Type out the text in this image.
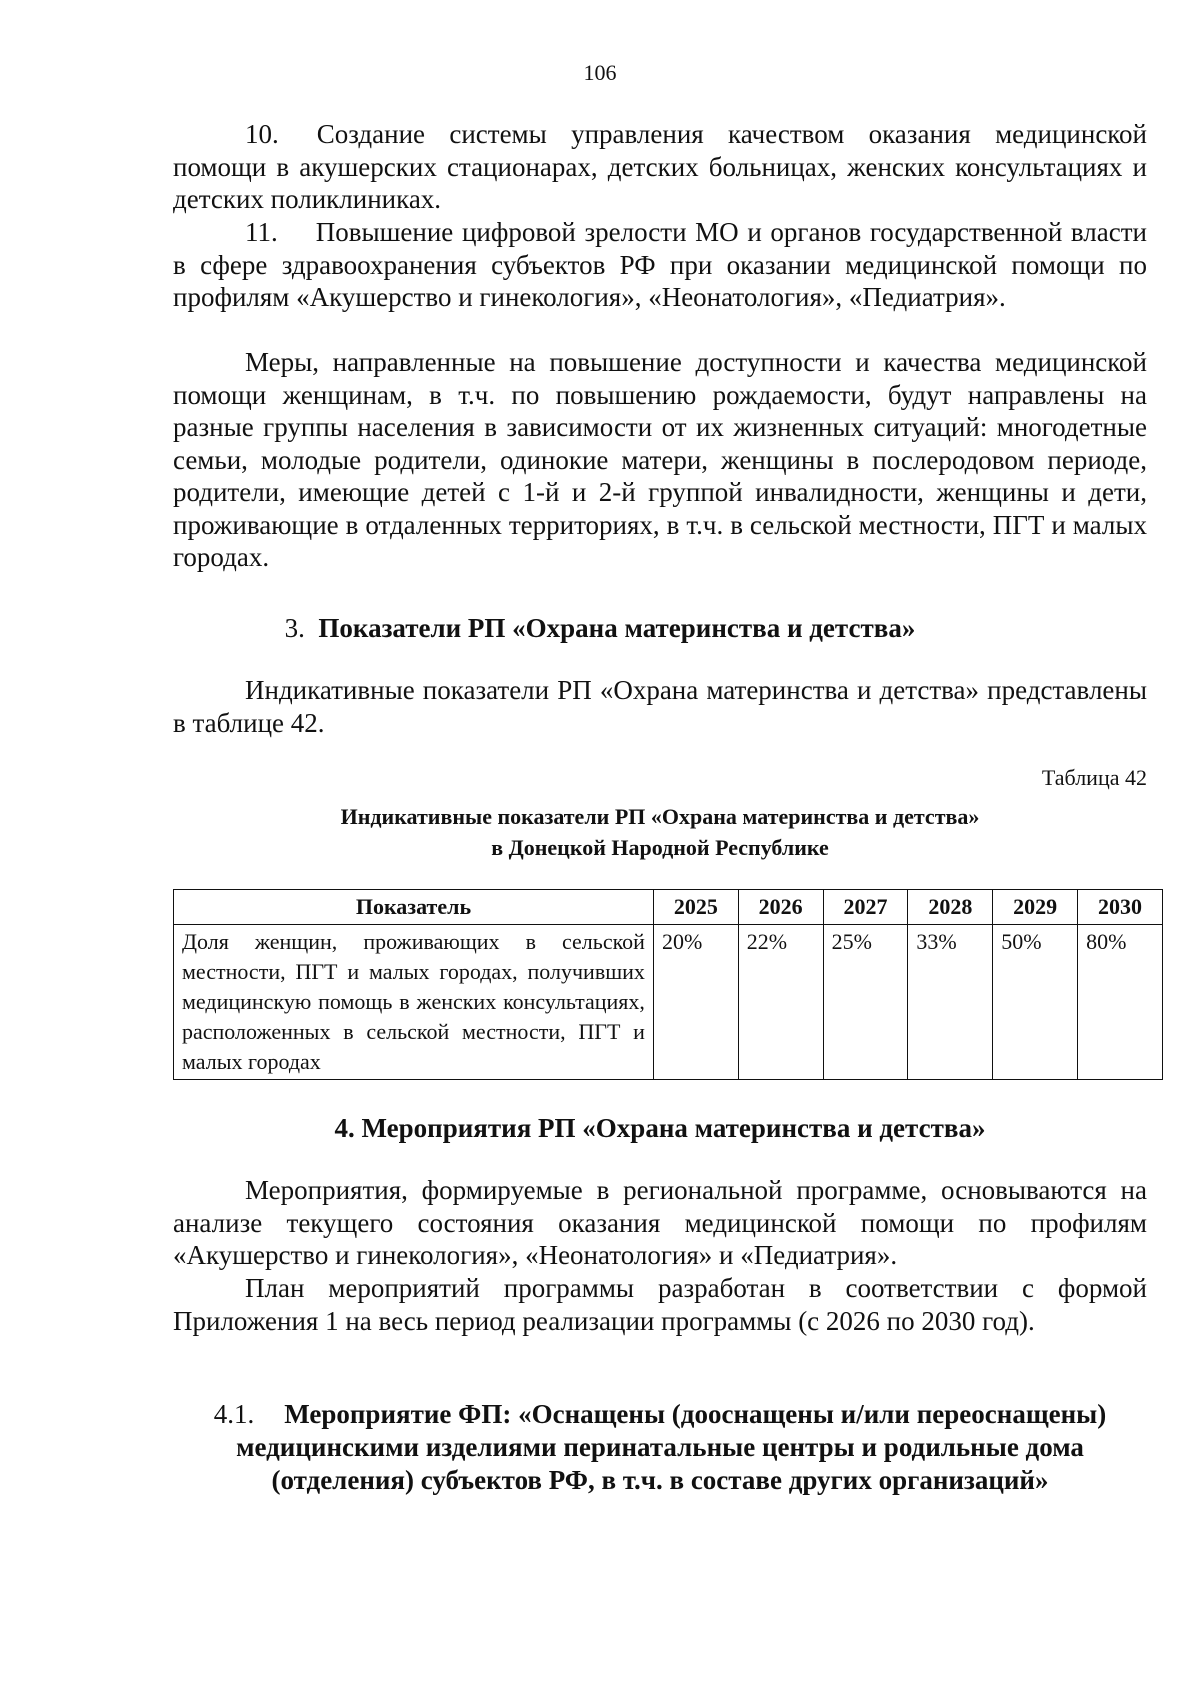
106

10. Создание системы управления качеством оказания медицинской помощи в акушерских стационарах, детских больницах, женских консультациях и детских поликлиниках.

11. Повышение цифровой зрелости МО и органов государственной власти в сфере здравоохранения субъектов РФ при оказании медицинской помощи по профилям «Акушерство и гинекология», «Неонатология», «Педиатрия».

Меры, направленные на повышение доступности и качества медицинской помощи женщинам, в т.ч. по повышению рождаемости, будут направлены на разные группы населения в зависимости от их жизненных ситуаций: многодетные семьи, молодые родители, одинокие матери, женщины в послеродовом периоде, родители, имеющие детей с 1-й и 2-й группой инвалидности, женщины и дети, проживающие в отдаленных территориях, в т.ч. в сельской местности, ПГТ и малых городах.

3. Показатели РП «Охрана материнства и детства»

Индикативные показатели РП «Охрана материнства и детства» представлены в таблице 42.

Таблица 42

Индикативные показатели РП «Охрана материнства и детства»

в Донецкой Народной Республике

Показатель	2025	2026	2027	2028	2029	2030
Доля женщин, проживающих в сельской местности, ПГТ и малых городах, получивших медицинскую помощь в женских консультациях, расположенных в сельской местности, ПГТ и малых городах	20%	22%	25%	33%	50%	80%

4. Мероприятия РП «Охрана материнства и детства»

Мероприятия, формируемые в региональной программе, основываются на анализе текущего состояния оказания медицинской помощи по профилям «Акушерство и гинекология», «Неонатология» и «Педиатрия».

План мероприятий программы разработан в соответствии с формой Приложения 1 на весь период реализации программы (с 2026 по 2030 год).

4.1. Мероприятие ФП: «Оснащены (дооснащены и/или переоснащены)

медицинскими изделиями перинатальные центры и родильные дома

(отделения) субъектов РФ, в т.ч. в составе других организаций»
